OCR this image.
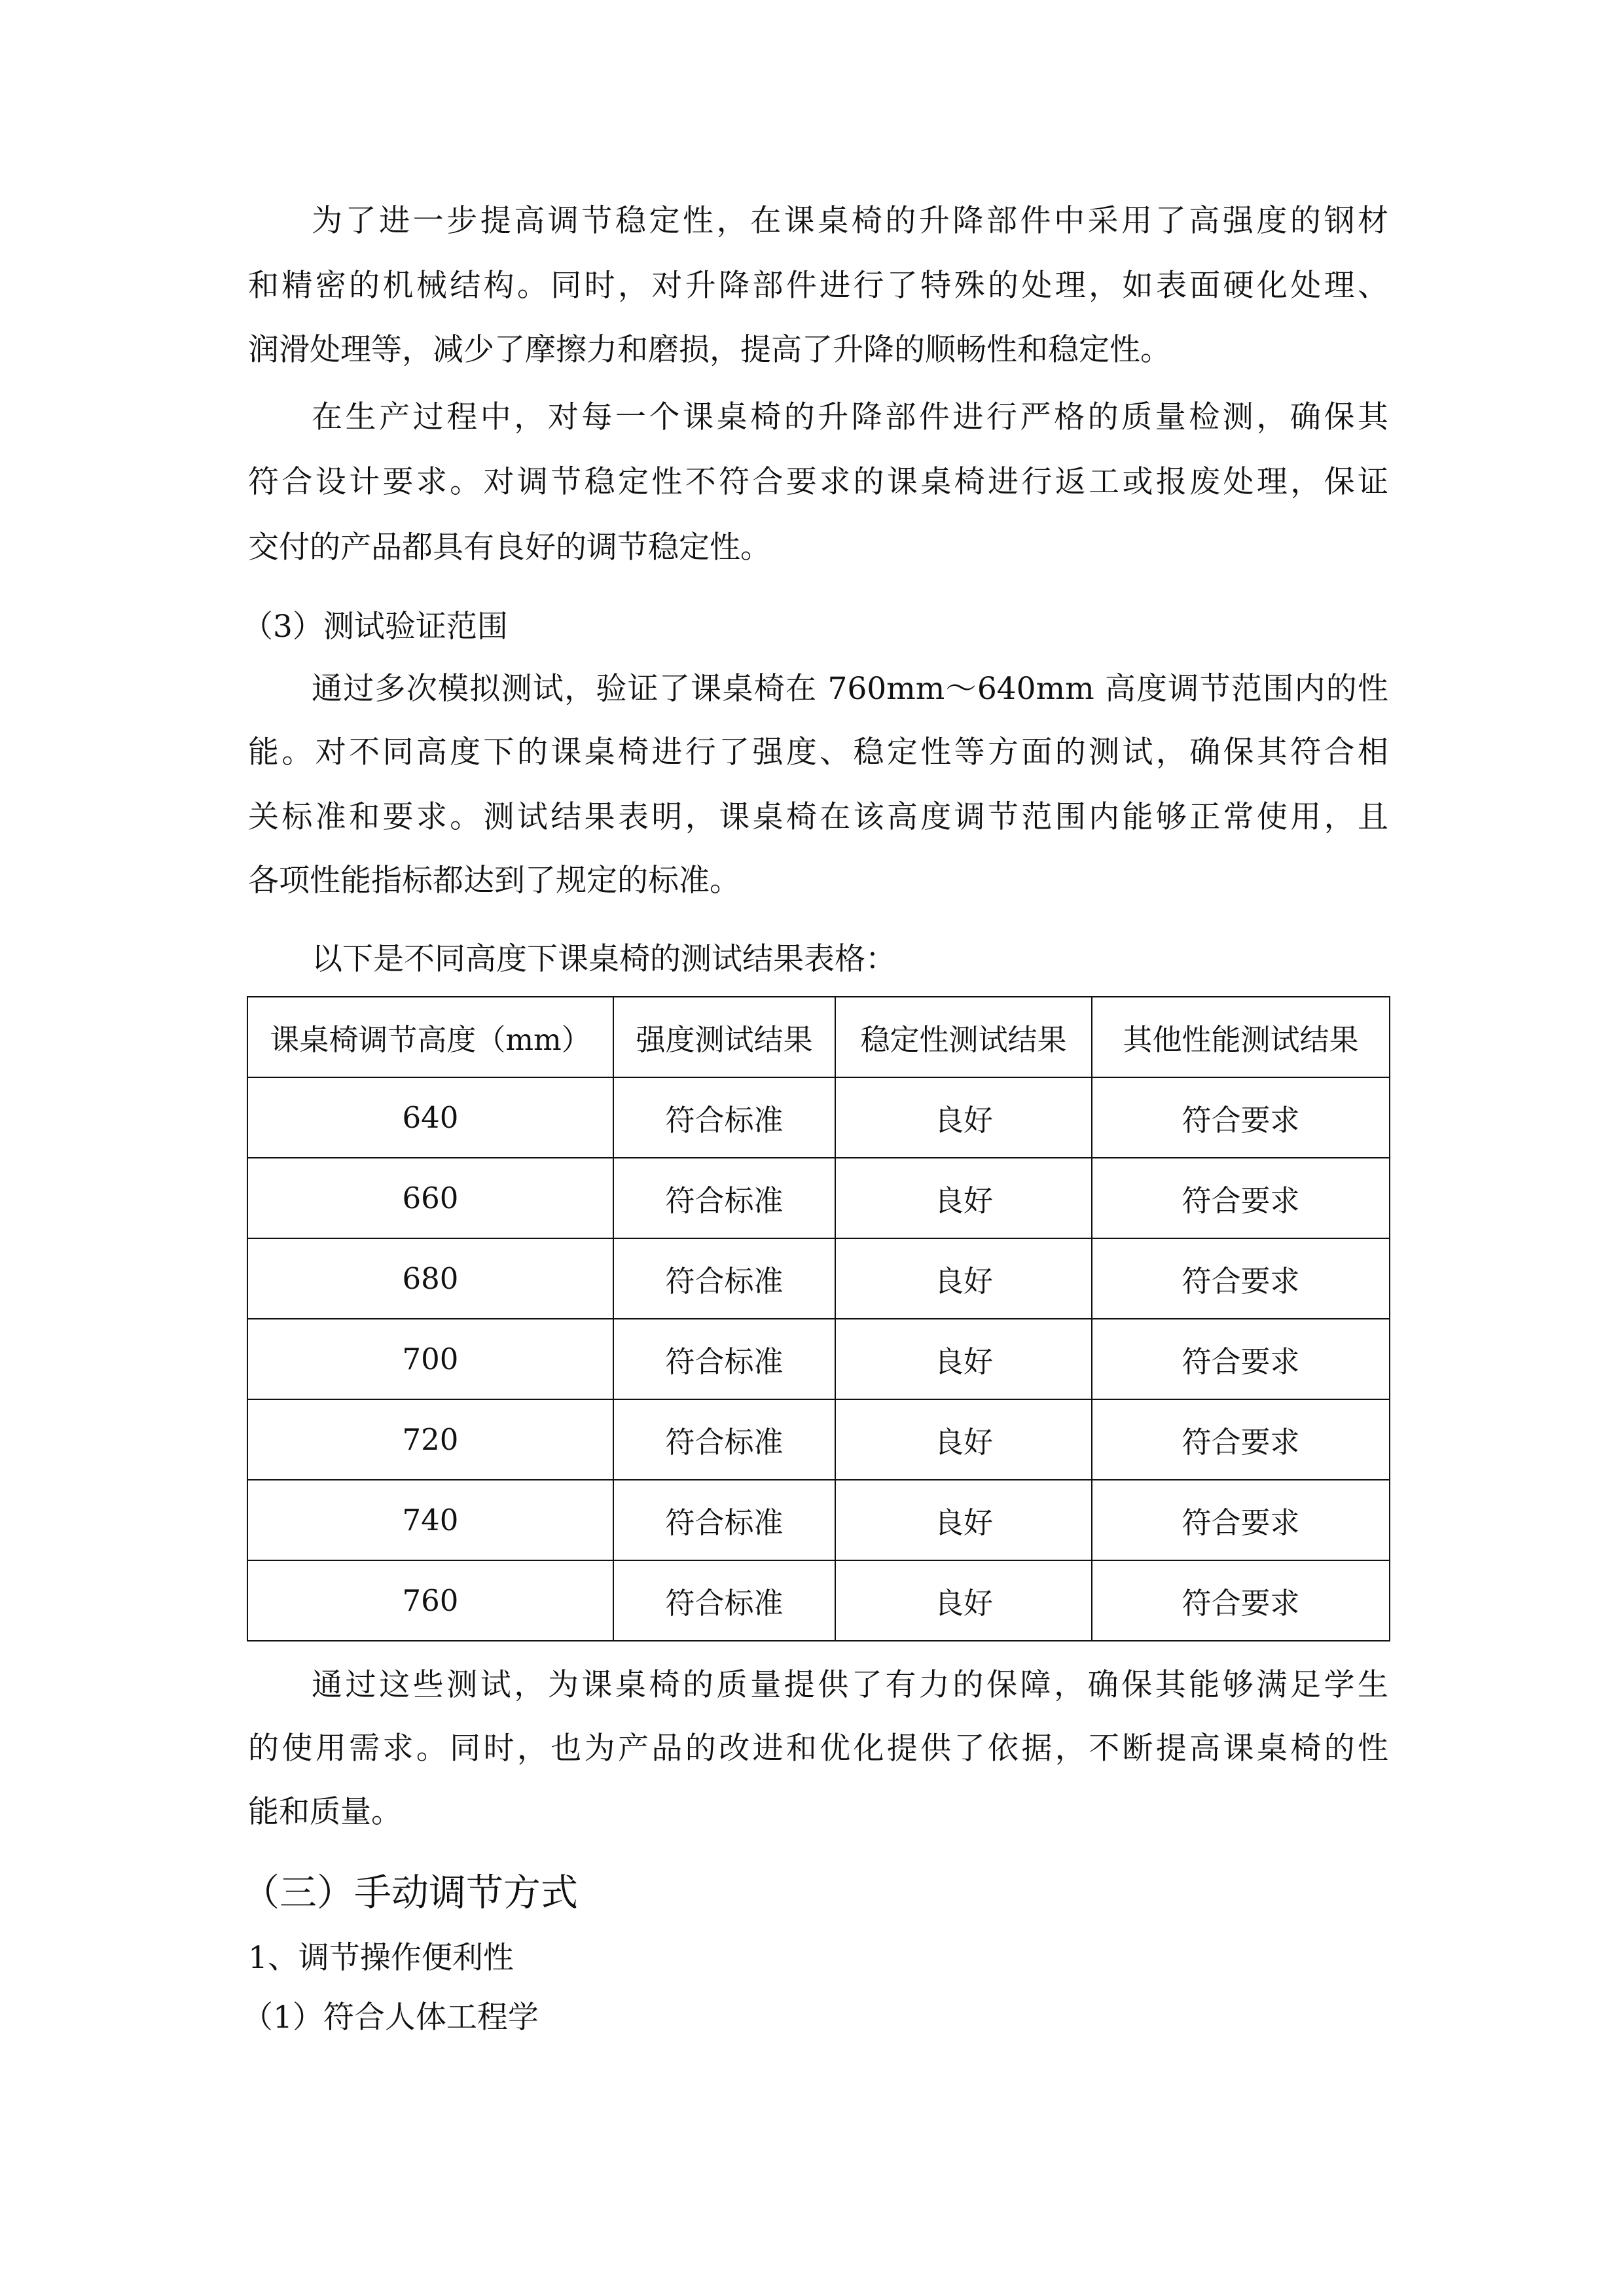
为了进一步提高调节稳定性，在课桌椅的升降部件中采用了高强度的钢材
和精密的机械结构。同时，对升降部件进行了特殊的处理，如表面硬化处理、
润滑处理等，减少了摩擦力和磨损，提高了升降的顺畅性和稳定性。
在生产过程中，对每一个课桌椅的升降部件进行严格的质量检测，确保其
符合设计要求。对调节稳定性不符合要求的课桌椅进行返工或报废处理，保证
交付的产品都具有良好的调节稳定性。
（3）测试验证范围
通过多次模拟测试，验证了课桌椅在 760mm～640mm 高度调节范围内的性
能。对不同高度下的课桌椅进行了强度、稳定性等方面的测试，确保其符合相
关标准和要求。测试结果表明，课桌椅在该高度调节范围内能够正常使用，且
各项性能指标都达到了规定的标准。
以下是不同高度下课桌椅的测试结果表格：
课桌椅调节高度（mm）	强度测试结果	稳定性测试结果	其他性能测试结果
640	符合标准	良好	符合要求
660	符合标准	良好	符合要求
680	符合标准	良好	符合要求
700	符合标准	良好	符合要求
720	符合标准	良好	符合要求
740	符合标准	良好	符合要求
760	符合标准	良好	符合要求
通过这些测试，为课桌椅的质量提供了有力的保障，确保其能够满足学生
的使用需求。同时，也为产品的改进和优化提供了依据，不断提高课桌椅的性
能和质量。
（三）手动调节方式
1、调节操作便利性
（1）符合人体工程学
